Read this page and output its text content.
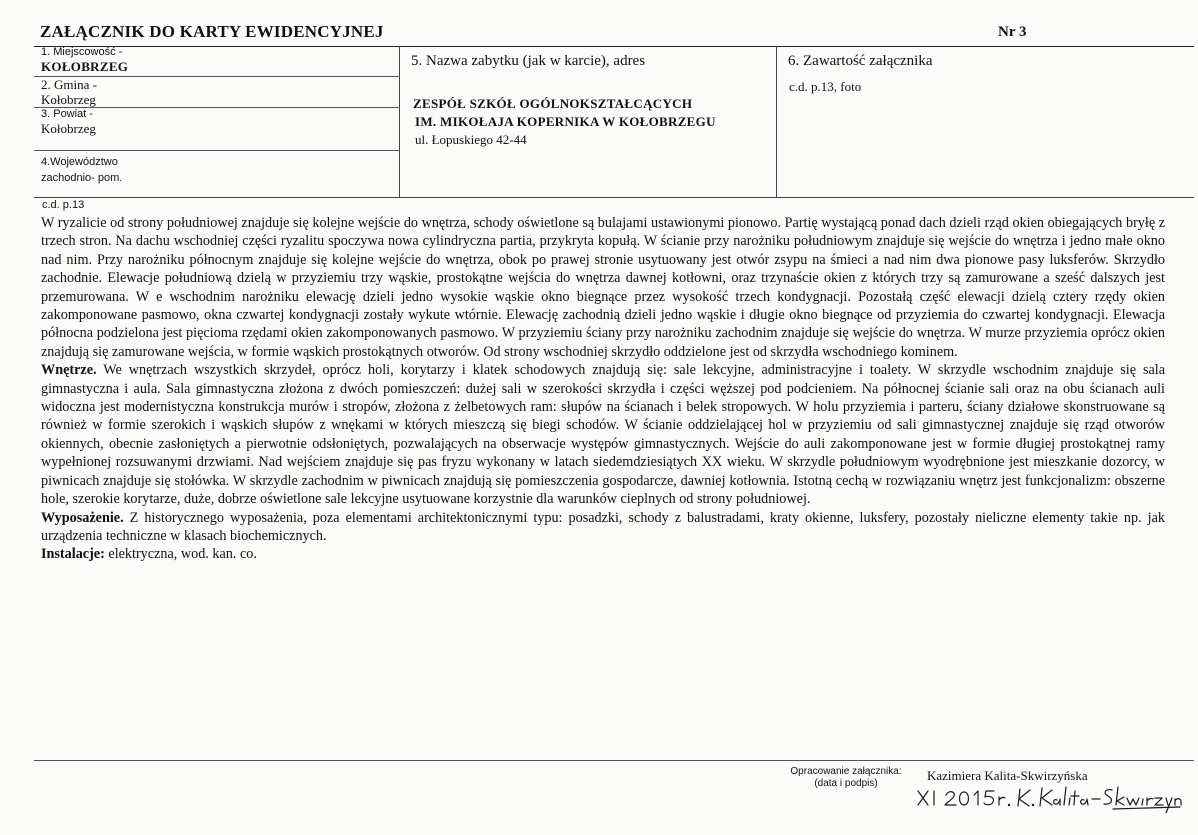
ZAŁĄCZNIK DO KARTY EWIDENCYJNEJ	Nr 3
1. Miejscowość -
KOŁOBRZEG
2. Gmina -
Kołobrzeg
3. Powiat -
Kołobrzeg
4.Województwo
zachodnio- pom.
5. Nazwa zabytku (jak w karcie), adres
ZESPÓŁ SZKÓŁ OGÓLNOKSZTAŁCĄCYCH
IM. MIKOŁAJA KOPERNIKA W KOŁOBRZEGU
ul. Łopuskiego 42-44
6. Zawartość załącznika
c.d. p.13, foto
c.d. p.13

W ryzalicie od strony południowej znajduje się kolejne wejście do wnętrza, schody oświetlone są bulajami ustawionymi pionowo. Partię wystającą ponad dach dzieli rząd okien obiegających bryłę z trzech stron. Na dachu wschodniej części ryzalitu spoczywa nowa cylindryczna partia, przykryta kopułą. W ścianie przy narożniku południowym znajduje się wejście do wnętrza i jedno małe okno nad nim. Przy narożniku północnym znajduje się kolejne wejście do wnętrza, obok po prawej stronie usytuowany jest otwór zsypu na śmieci a nad nim dwa pionowe pasy luksferów. Skrzydło zachodnie. Elewacje południową dzielą w przyziemiu trzy wąskie, prostokątne wejścia do wnętrza dawnej kotłowni, oraz trzynaście okien z których trzy są zamurowane a sześć dalszych jest przemurowana. W e wschodnim narożniku elewację dzieli jedno wysokie wąskie okno biegnące przez wysokość trzech kondygnacji. Pozostałą część elewacji dzielą cztery rzędy okien zakomponowane pasmowo, okna czwartej kondygnacji zostały wykute wtórnie. Elewację zachodnią dzieli jedno wąskie i długie okno biegnące od przyziemia do czwartej kondygnacji. Elewacja północna podzielona jest pięcioma rzędami okien zakomponowanych pasmowo. W przyziemiu ściany przy narożniku zachodnim znajduje się wejście do wnętrza. W murze przyziemia oprócz okien znajdują się zamurowane wejścia, w formie wąskich prostokątnych otworów. Od strony wschodniej skrzydło oddzielone jest od skrzydła wschodniego kominem.

Wnętrze. We wnętrzach wszystkich skrzydeł, oprócz holi, korytarzy i klatek schodowych znajdują się: sale lekcyjne, administracyjne i toalety. W skrzydle wschodnim znajduje się sala gimnastyczna i aula. Sala gimnastyczna złożona z dwóch pomieszczeń: dużej sali w szerokości skrzydła i części węższej pod podcieniem. Na północnej ścianie sali oraz na obu ścianach auli widoczna jest modernistyczna konstrukcja murów i stropów, złożona z żelbetowych ram: słupów na ścianach i belek stropowych. W holu przyziemia i parteru, ściany działowe skonstruowane są również w formie szerokich i wąskich słupów z wnękami w których mieszczą się biegi schodów. W ścianie oddzielającej hol w przyziemiu od sali gimnastycznej znajduje się rząd otworów okiennych, obecnie zasłoniętych a pierwotnie odsłoniętych, pozwalających na obserwacje występów gimnastycznych. Wejście do auli zakomponowane jest w formie długiej prostokątnej ramy wypełnionej rozsuwanymi drzwiami. Nad wejściem znajduje się pas fryzu wykonany w latach siedemdziesiątych XX wieku. W skrzydle południowym wyodrębnione jest mieszkanie dozorcy, w piwnicach znajduje się stołówka. W skrzydle zachodnim w piwnicach znajdują się pomieszczenia gospodarcze, dawniej kotłownia. Istotną cechą w rozwiązaniu wnętrz jest funkcjonalizm: obszerne hole, szerokie korytarze, duże, dobrze oświetlone sale lekcyjne usytuowane korzystnie dla warunków cieplnych od strony południowej.

Wyposażenie. Z historycznego wyposażenia, poza elementami architektonicznymi typu: posadzki, schody z balustradami, kraty okienne, luksfery, pozostały nieliczne elementy takie np. jak urządzenia techniczne w klasach biochemicznych.

Instalacje: elektryczna, wod. kan. co.

Opracowanie załącznika:
(data i podpis)
Kazimiera Kalita-Skwirzyńska
